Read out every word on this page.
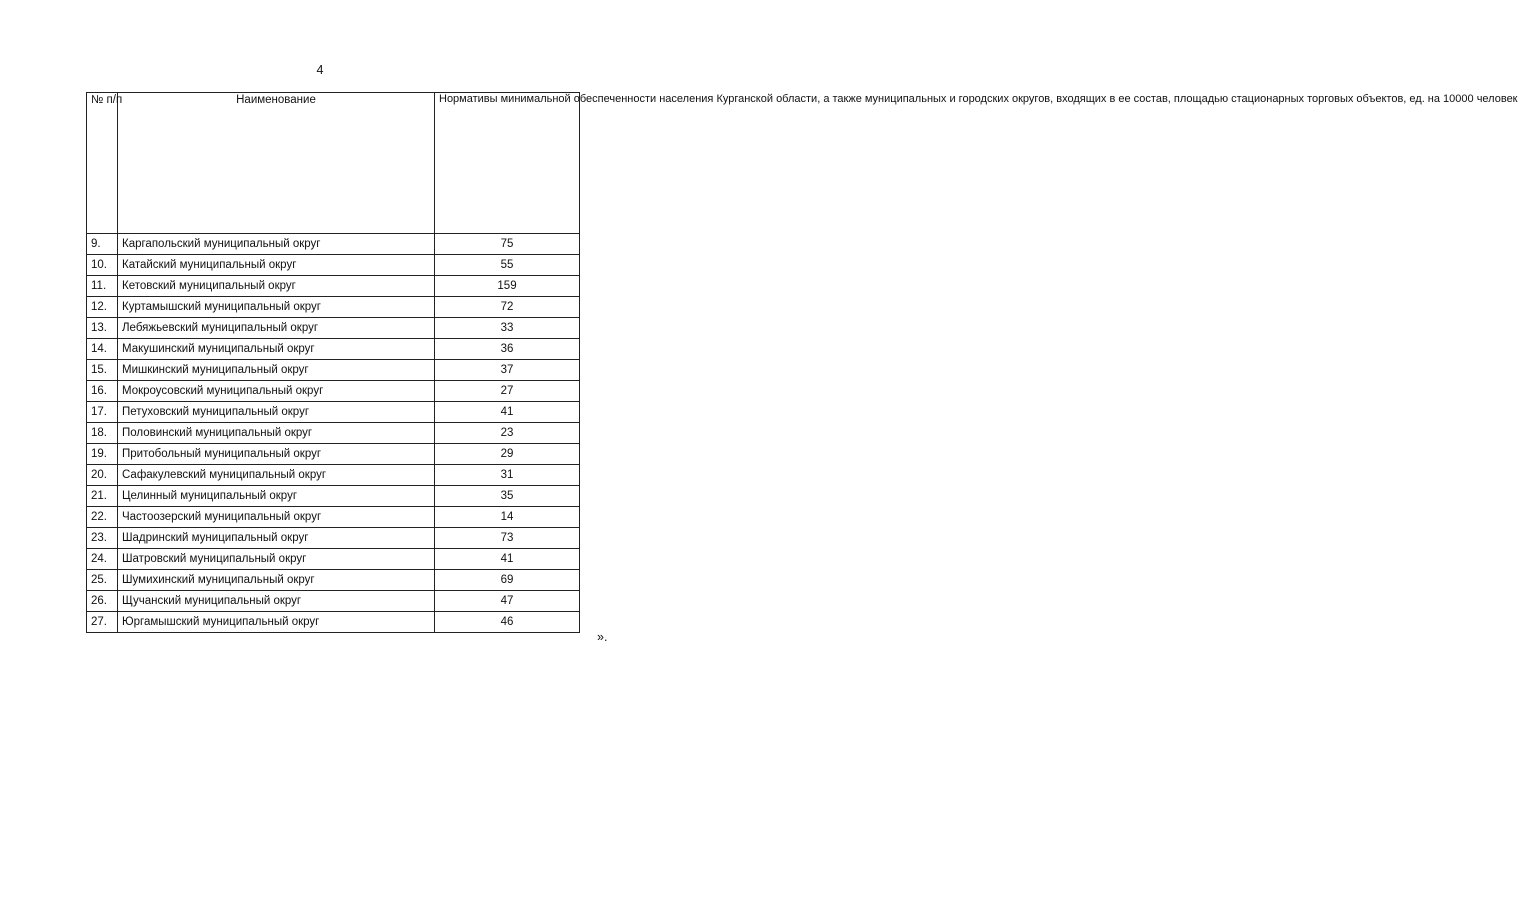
4
№ п/п	Наименование	Нормативы минимальной обеспеченности населения Курганской области, а также муниципальных и городских округов, входящих в ее состав, площадью стационарных торговых объектов, ед. на 10000 человек
9.	Каргапольский муниципальный округ	75
10.	Катайский муниципальный округ	55
11.	Кетовский муниципальный округ	159
12.	Куртамышский муниципальный округ	72
13.	Лебяжьевский муниципальный округ	33
14.	Макушинский муниципальный округ	36
15.	Мишкинский муниципальный округ	37
16.	Мокроусовский муниципальный округ	27
17.	Петуховский муниципальный округ	41
18.	Половинский муниципальный округ	23
19.	Притобольный муниципальный округ	29
20.	Сафакулевский муниципальный округ	31
21.	Целинный муниципальный округ	35
22.	Частоозерский муниципальный округ	14
23.	Шадринский муниципальный округ	73
24.	Шатровский муниципальный округ	41
25.	Шумихинский муниципальный округ	69
26.	Щучанский муниципальный округ	47
27.	Юргамышский муниципальный округ	46
».
